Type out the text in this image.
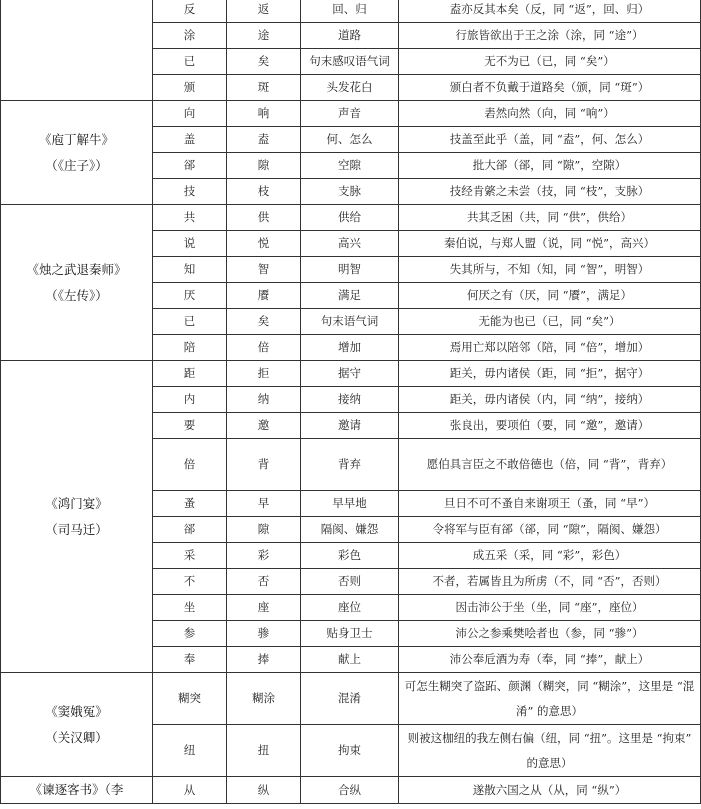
	反	返	回、归	盍亦反其本矣（反，同 “返”，回、归）
	涂	途	道路	行旅皆欲出于王之涂（涂，同 “途”）
	已	矣	句末感叹语气词	无不为已（已，同 “矣”）
	颁	斑	头发花白	颁白者不负戴于道路矣（颁，同 “斑”）

《庖丁解牛》
（《庄子》）	向	响	声音	砉然向然（向，同 “响”）
	盖	盍	何、怎么	技盖至此乎（盖，同 “盍”，何、怎么）
	郤	隙	空隙	批大郤（郤，同 “隙”，空隙）
	技	枝	支脉	技经肯綮之未尝（技，同 “枝”，支脉）

《烛之武退秦师》
（《左传》）	共	供	供给	共其乏困（共，同 “供”，供给）
	说	悦	高兴	秦伯说，与郑人盟（说，同 “悦”，高兴）
	知	智	明智	失其所与，不知（知，同 “智”，明智）
	厌	餍	满足	何厌之有（厌，同 “餍”，满足）
	已	矣	句末语气词	无能为也已（已，同 “矣”）
	陪	倍	增加	焉用亡郑以陪邻（陪，同 “倍”，增加）

《鸿门宴》
（司马迁）	距	拒	据守	距关，毋内诸侯（距，同 “拒”，据守）
	内	纳	接纳	距关，毋内诸侯（内，同 “纳”，接纳）
	要	邀	邀请	张良出，要项伯（要，同 “邀”，邀请）
	倍	背	背弃	愿伯具言臣之不敢倍德也（倍，同 “背”，背弃）
	蚤	早	早早地	旦日不可不蚤自来谢项王（蚤，同 “早”）
	郤	隙	隔阂、嫌怨	令将军与臣有郤（郤，同 “隙”，隔阂、嫌怨）
	采	彩	彩色	成五采（采，同 “彩”，彩色）
	不	否	否则	不者，若属皆且为所虏（不，同 “否”，否则）
	坐	座	座位	因击沛公于坐（坐，同 “座”，座位）
	参	骖	贴身卫士	沛公之参乘樊哙者也（参，同 “骖”）
	奉	捧	献上	沛公奉卮酒为寿（奉，同 “捧”，献上）

《窦娥冤》
（关汉卿）	糊突	糊涂	混淆	可怎生糊突了盗跖、颜渊（糊突，同 “糊涂”，这里是 “混淆” 的意思）
	纽	扭	拘束	则被这枷纽的我左侧右偏（纽，同 “扭”。这里是 “拘束” 的意思）

《谏逐客书》（李	从	纵	合纵	遂散六国之从（从，同 “纵”）
